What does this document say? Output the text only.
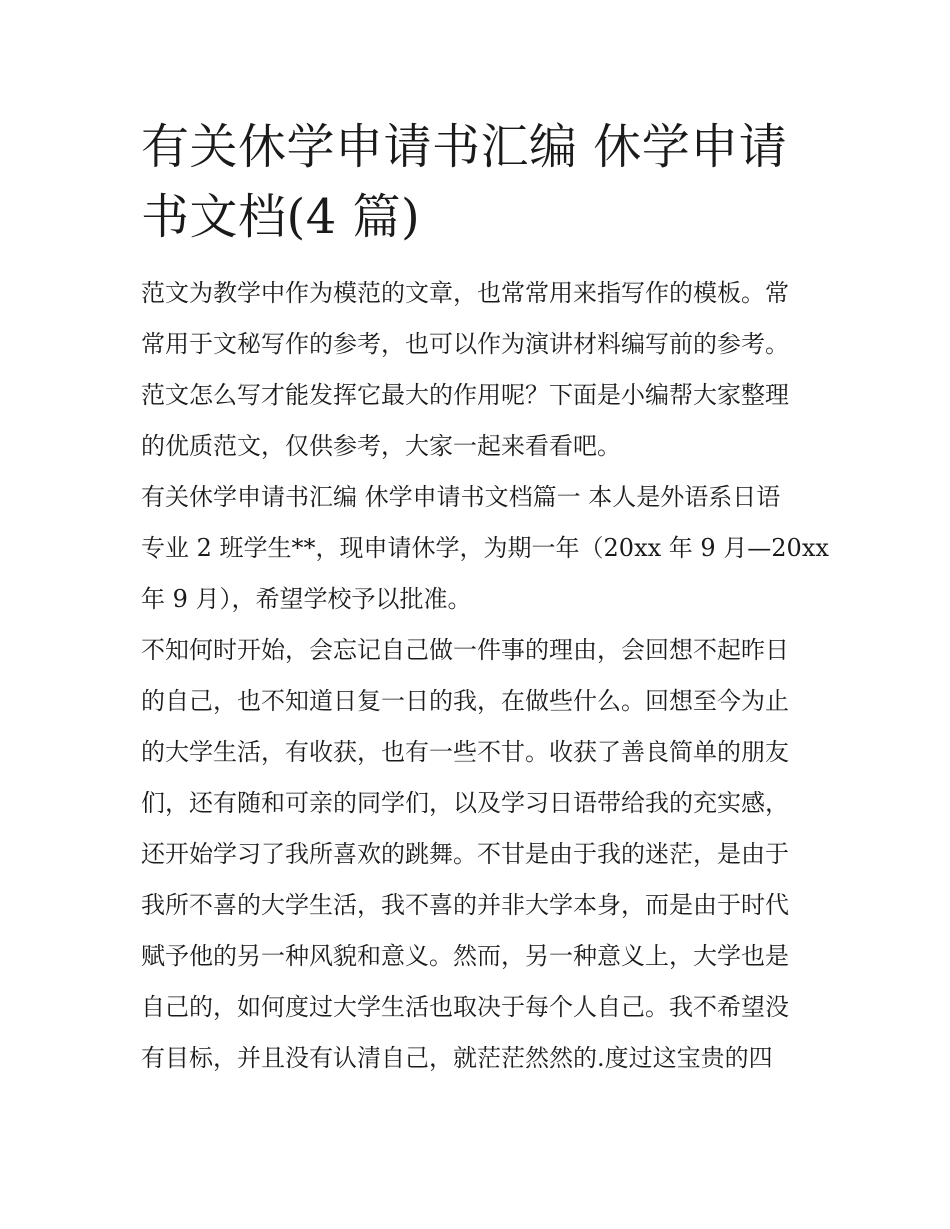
有关休学申请书汇编 休学申请
书文档(4 篇)

范文为教学中作为模范的文章，也常常用来指写作的模板。常
常用于文秘写作的参考，也可以作为演讲材料编写前的参考。
范文怎么写才能发挥它最大的作用呢？下面是小编帮大家整理
的优质范文，仅供参考，大家一起来看看吧。

有关休学申请书汇编 休学申请书文档篇一 本人是外语系日语
专业 2 班学生**，现申请休学，为期一年（20xx 年 9 月—20xx
年 9 月），希望学校予以批准。

不知何时开始，会忘记自己做一件事的理由，会回想不起昨日
的自己，也不知道日复一日的我，在做些什么。回想至今为止
的大学生活，有收获，也有一些不甘。收获了善良简单的朋友
们，还有随和可亲的同学们，以及学习日语带给我的充实感，
还开始学习了我所喜欢的跳舞。不甘是由于我的迷茫，是由于
我所不喜的大学生活，我不喜的并非大学本身，而是由于时代
赋予他的另一种风貌和意义。然而，另一种意义上，大学也是
自己的，如何度过大学生活也取决于每个人自己。我不希望没
有目标，并且没有认清自己，就茫茫然然的.度过这宝贵的四
